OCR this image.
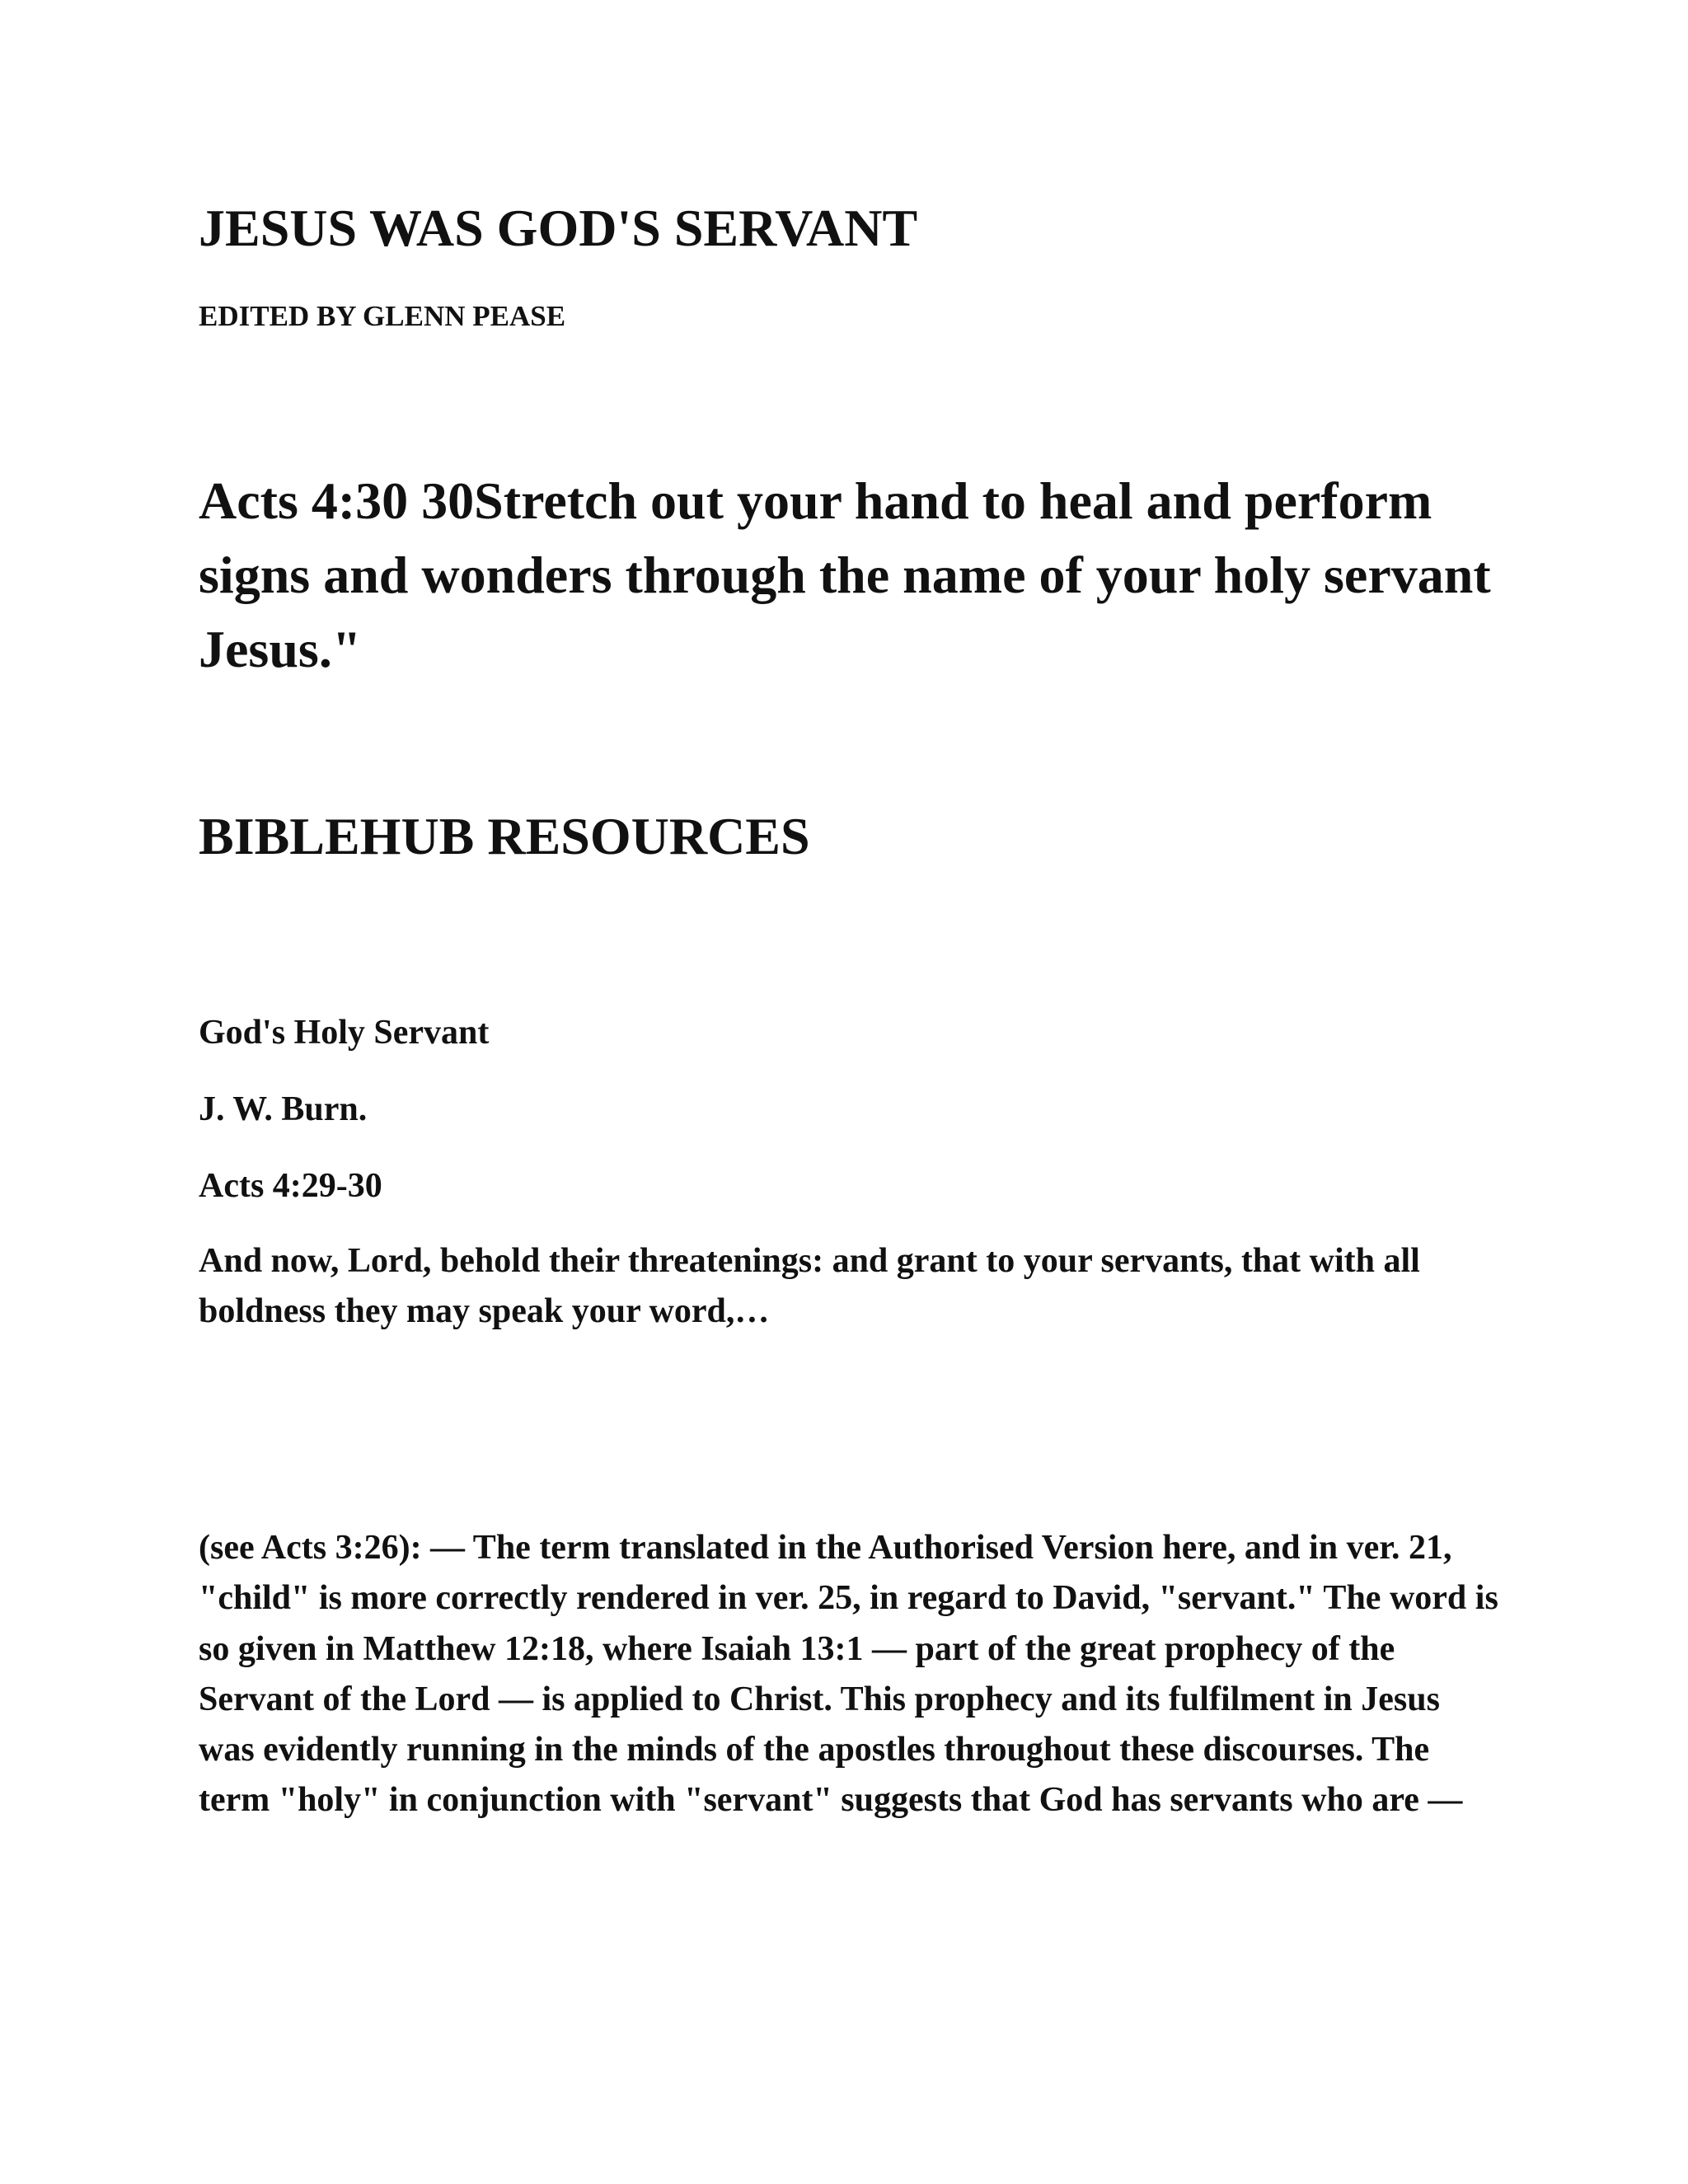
JESUS WAS GOD'S SERVANT
EDITED BY GLENN PEASE

Acts 4:30 30Stretch out your hand to heal and perform signs and wonders through the name of your holy servant Jesus."

BIBLEHUB RESOURCES
God's Holy Servant
J. W. Burn.
Acts 4:29-30

And now, Lord, behold their threatenings: and grant to your servants, that with all boldness they may speak your word,…

(see Acts 3:26): — The term translated in the Authorised Version here, and in ver. 21, "child" is more correctly rendered in ver. 25, in regard to David, "servant." The word is so given in Matthew 12:18, where Isaiah 13:1 — part of the great prophecy of the Servant of the Lord — is applied to Christ. This prophecy and its fulfilment in Jesus was evidently running in the minds of the apostles throughout these discourses. The term "holy" in conjunction with "servant" suggests that God has servants who are —
